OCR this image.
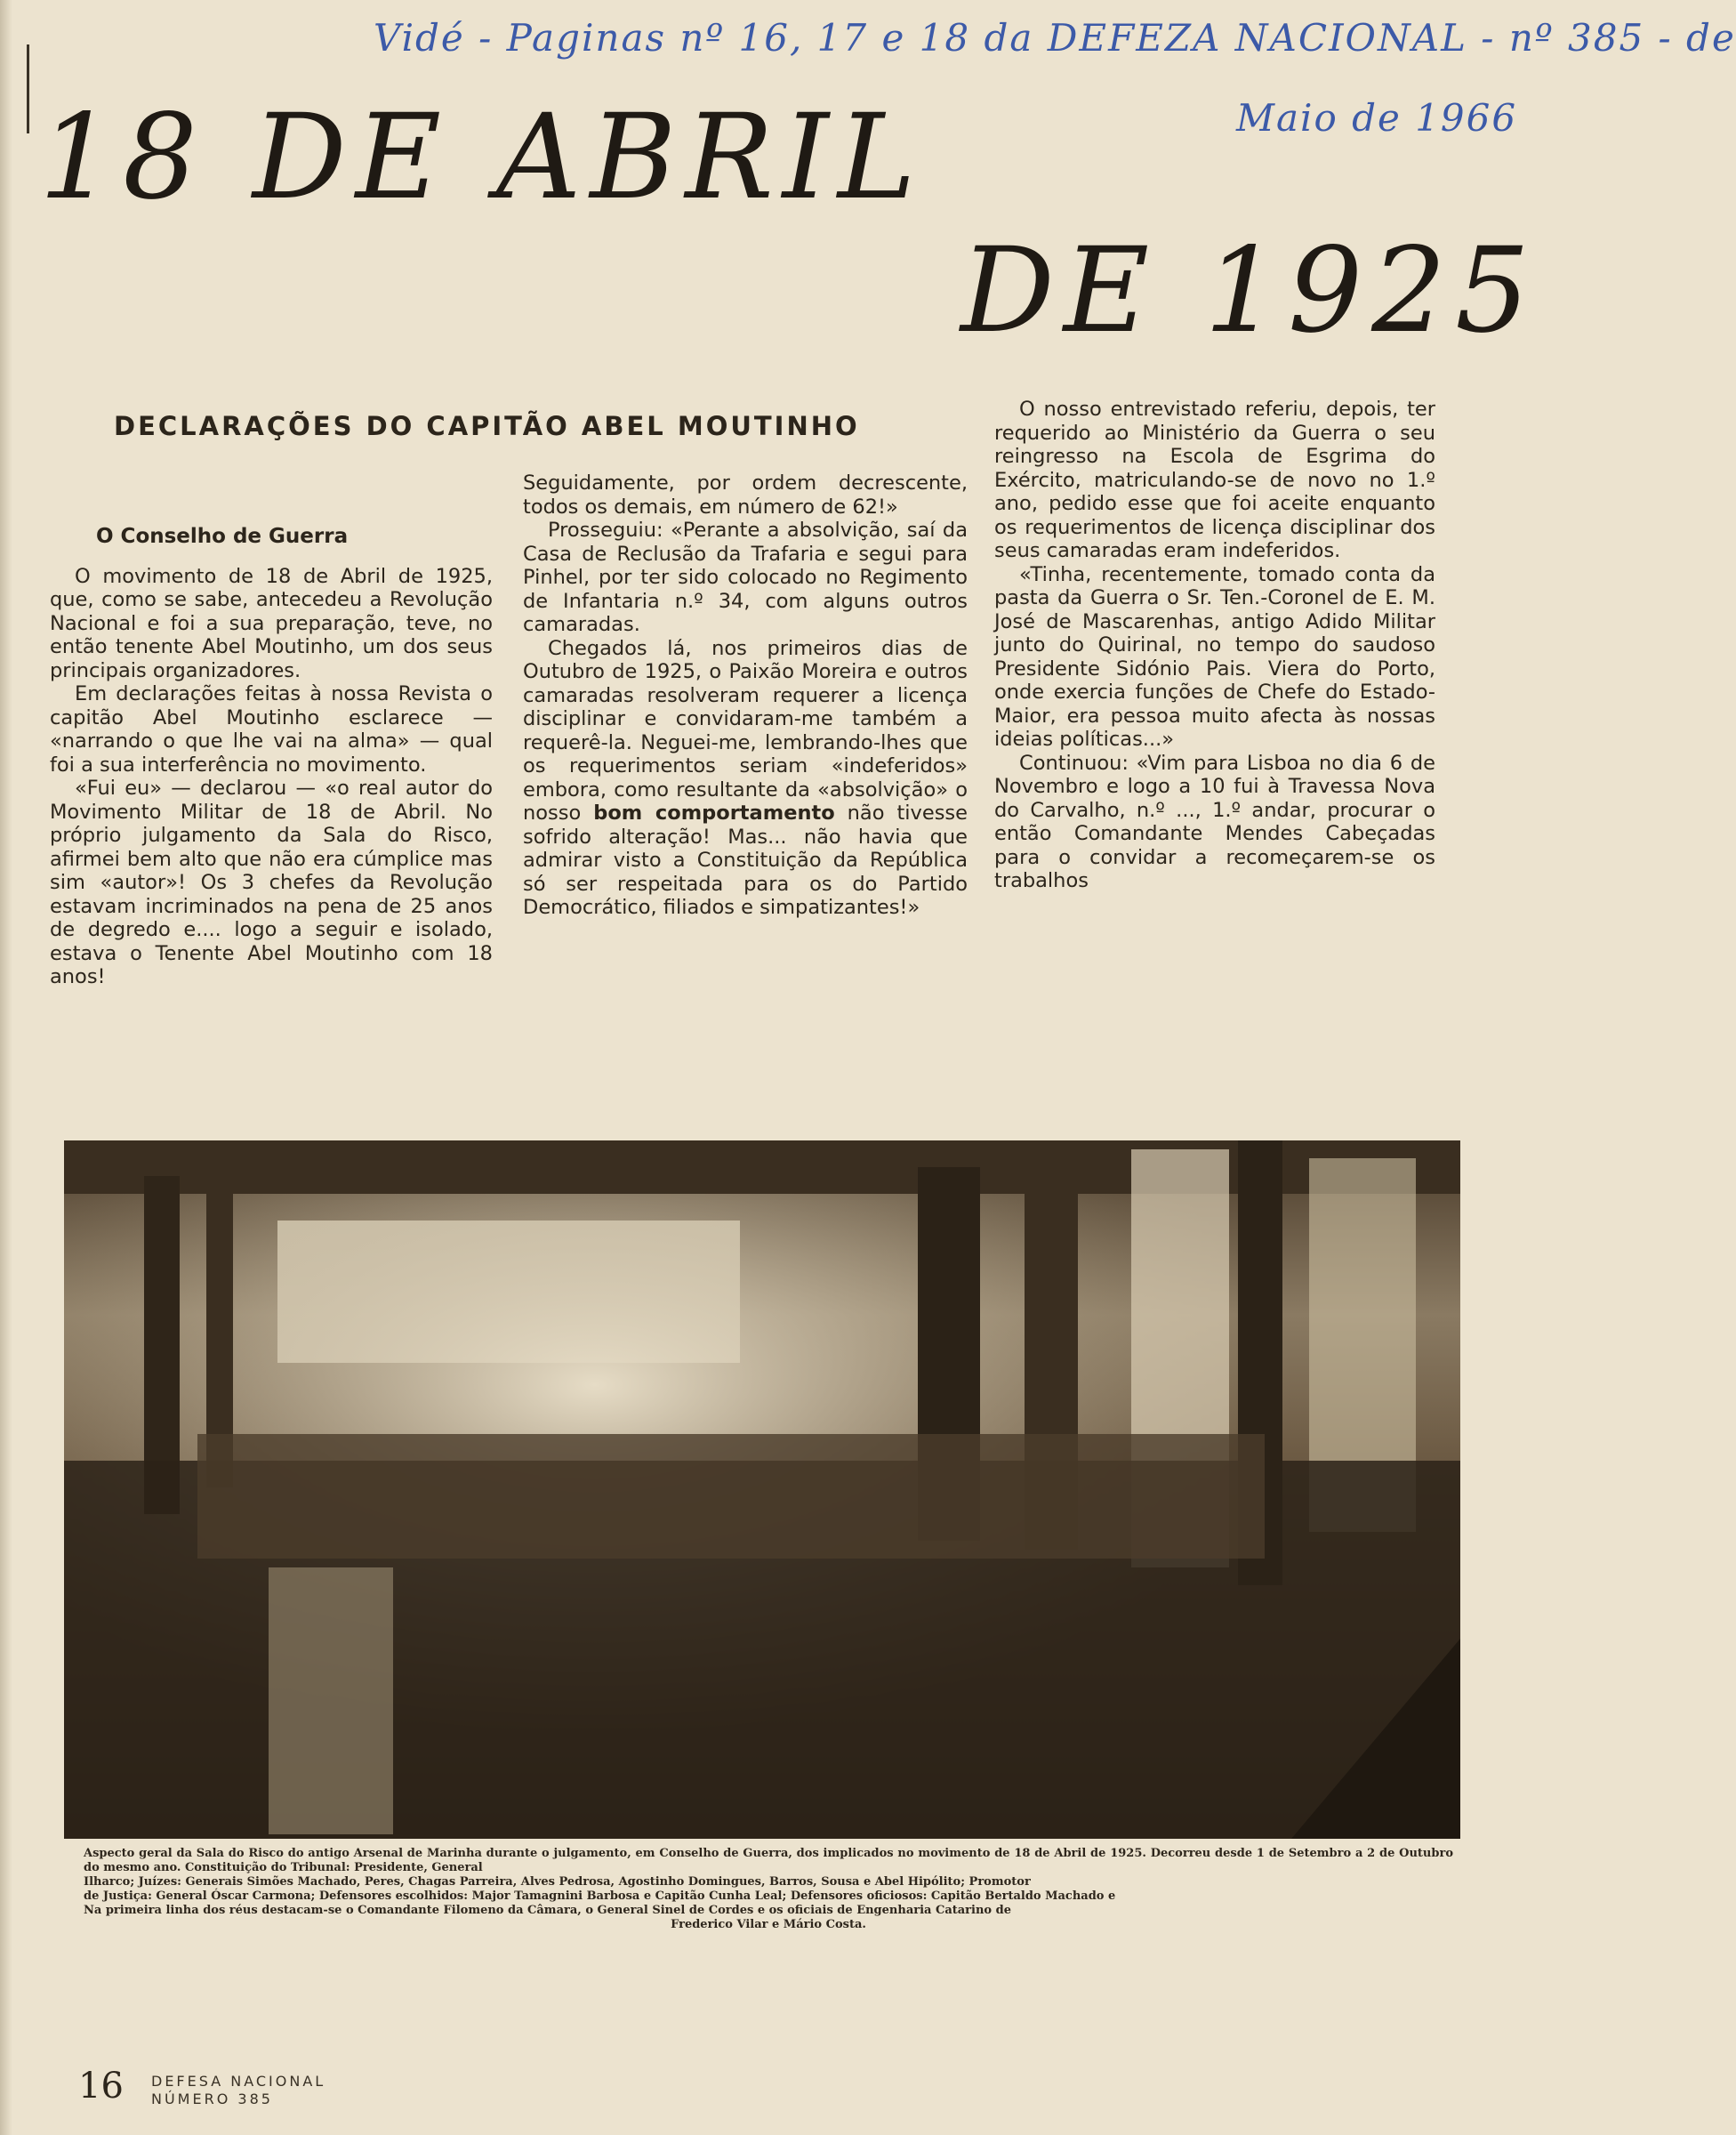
Vidé - Paginas nº 16, 17 e 18 da DEFEZA NACIONAL - nº 385 - de
Maio de 1966
18 DE ABRIL
DE 1925
DECLARAÇÕES DO CAPITÃO ABEL MOUTINHO
O Conselho de Guerra

O movimento de 18 de Abril de 1925, que, como se sabe, antecedeu a Revolução Nacional e foi a sua preparação, teve, no então tenente Abel Moutinho, um dos seus principais organizadores.

Em declarações feitas à nossa Revista o capitão Abel Moutinho esclarece — «narrando o que lhe vai na alma» — qual foi a sua interferência no movimento.

«Fui eu» — declarou — «o real autor do Movimento Militar de 18 de Abril. No próprio julgamento da Sala do Risco, afirmei bem alto que não era cúmplice mas sim «autor»! Os 3 chefes da Revolução estavam incriminados na pena de 25 anos de degredo e.... logo a seguir e isolado, estava o Tenente Abel Moutinho com 18 anos!

Seguidamente, por ordem decrescente, todos os demais, em número de 62!»

Prosseguiu: «Perante a absolvição, saí da Casa de Reclusão da Trafaria e segui para Pinhel, por ter sido colocado no Regimento de Infantaria n.º 34, com alguns outros camaradas.

Chegados lá, nos primeiros dias de Outubro de 1925, o Paixão Moreira e outros camaradas resolveram requerer a licença disciplinar e convidaram-me também a requerê-la. Neguei-me, lembrando-lhes que os requerimentos seriam «indeferidos» embora, como resultante da «absolvição» o nosso bom comportamento não tivesse sofrido alteração! Mas... não havia que admirar visto a Constituição da República só ser respeitada para os do Partido Democrático, filiados e simpatizantes!»

O nosso entrevistado referiu, depois, ter requerido ao Ministério da Guerra o seu reingresso na Escola de Esgrima do Exército, matriculando-se de novo no 1.º ano, pedido esse que foi aceite enquanto os requerimentos de licença disciplinar dos seus camaradas eram indeferidos.

«Tinha, recentemente, tomado conta da pasta da Guerra o Sr. Ten.-Coronel de E. M. José de Mascarenhas, antigo Adido Militar junto do Quirinal, no tempo do saudoso Presidente Sidónio Pais. Viera do Porto, onde exercia funções de Chefe do Estado-Maior, era pessoa muito afecta às nossas ideias políticas...»

Continuou: «Vim para Lisboa no dia 6 de Novembro e logo a 10 fui à Travessa Nova do Carvalho, n.º ..., 1.º andar, procurar o então Comandante Mendes Cabeçadas para o convidar a recomeçarem-se os trabalhos

Aspecto geral da Sala do Risco do antigo Arsenal de Marinha durante o julgamento, em Conselho de Guerra, dos implicados no movimento de 18 de Abril de 1925. Decorreu desde 1 de Setembro a 2 de Outubro do mesmo ano. Constituição do Tribunal: Presidente, General
Ilharco; Juízes: Generais Simões Machado, Peres, Chagas Parreira, Alves Pedrosa, Agostinho Domingues, Barros, Sousa e Abel Hipólito; Promotor
de Justiça: General Óscar Carmona; Defensores escolhidos: Major Tamagnini Barbosa e Capitão Cunha Leal; Defensores oficiosos: Capitão Bertaldo Machado e
Na primeira linha dos réus destacam-se o Comandante Filomeno da Câmara, o General Sinel de Cordes e os oficiais de Engenharia Catarino de
Frederico Vilar e Mário Costa.

16 DEFESA NACIONAL
NÚMERO 385
